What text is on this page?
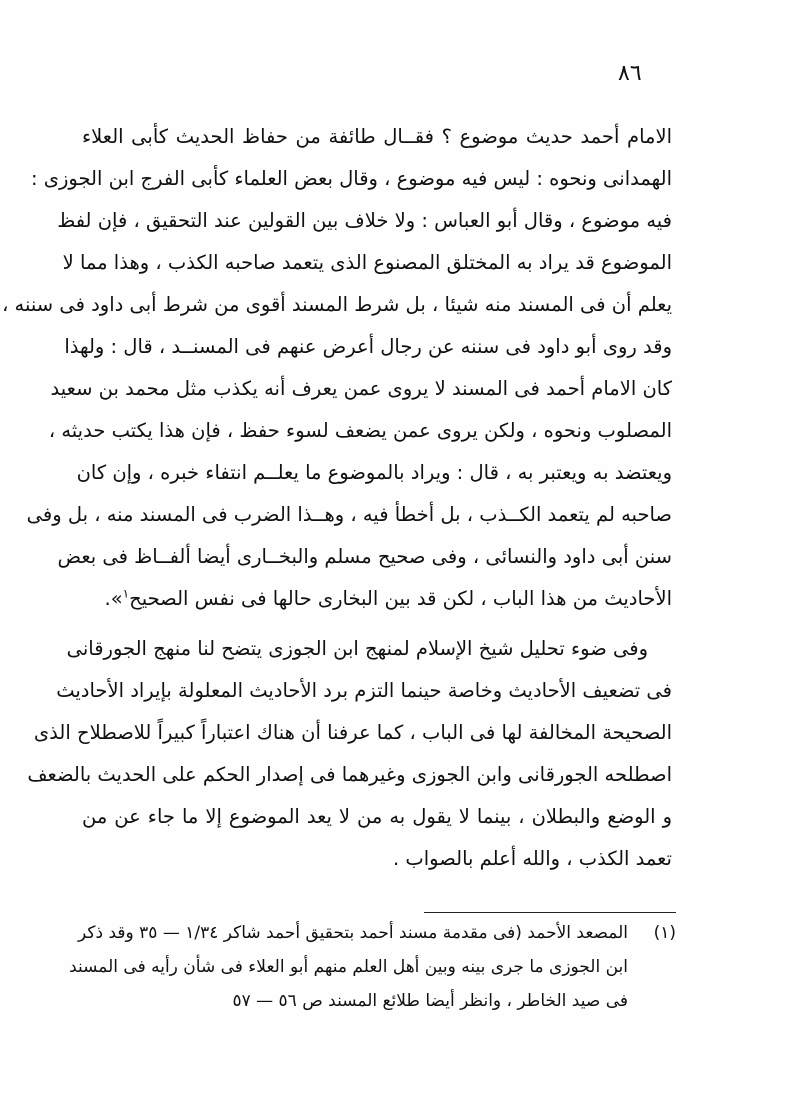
٨٦
الامام أحمد حديث موضوع ؟ فقــال طائفة من حفاظ الحديث كأبى العلاء
الهمدانى ونحوه : ليس فيه موضوع ، وقال بعض العلماء كأبى الفرج ابن الجوزى :
فيه موضوع ، وقال أبو العباس : ولا خلاف بين القولين عند التحقيق ، فإن لفظ
الموضوع قد يراد به المختلق المصنوع الذى يتعمد صاحبه الكذب ، وهذا مما لا
يعلم أن فى المسند منه شيئا ، بل شرط المسند أقوى من شرط أبى داود فى سننه ،
وقد روى أبو داود فى سننه عن رجال أعرض عنهم فى المسنــد ، قال : ولهذا
كان الامام أحمد فى المسند لا يروى عمن يعرف أنه يكذب مثل محمد بن سعيد
المصلوب ونحوه ، ولكن يروى عمن يضعف لسوء حفظ ، فإن هذا يكتب حديثه ،
ويعتضد به ويعتبر به ، قال : ويراد بالموضوع ما يعلــم انتفاء خبره ، وإن كان
صاحبه لم يتعمد الكــذب ، بل أخطأ فيه ، وهــذا الضرب فى المسند منه ، بل وفى
سنن أبى داود والنسائى ، وفى صحيح مسلم والبخــارى أيضا ألفــاظ فى بعض
الأحاديث من هذا الباب ، لكن قد بين البخارى حالها فى نفس الصحيح$^١$».
وفى ضوء تحليل شيخ الإسلام لمنهج ابن الجوزى يتضح لنا منهج الجورقانى
فى تضعيف الأحاديث وخاصة حينما التزم برد الأحاديث المعلولة بإيراد الأحاديث
الصحيحة المخالفة لها فى الباب ، كما عرفنا أن هناك اعتباراً كبيراً للاصطلاح الذى
اصطلحه الجورقانى وابن الجوزى وغيرهما فى إصدار الحكم على الحديث بالضعف
و الوضع والبطلان ، بينما لا يقول به من لا يعد الموضوع إلا ما جاء عن من
تعمد الكذب ، والله أعلم بالصواب .
(١)
المصعد الأحمد (فى مقدمة مسند أحمد بتحقيق أحمد شاكر ١/٣٤ — ٣٥ وقد ذكر
ابن الجوزى ما جرى بينه وبين أهل العلم منهم أبو العلاء فى شأن رأيه فى المسند
فى صيد الخاطر ، وانظر أيضا طلائع المسند ص ٥٦ — ٥٧
